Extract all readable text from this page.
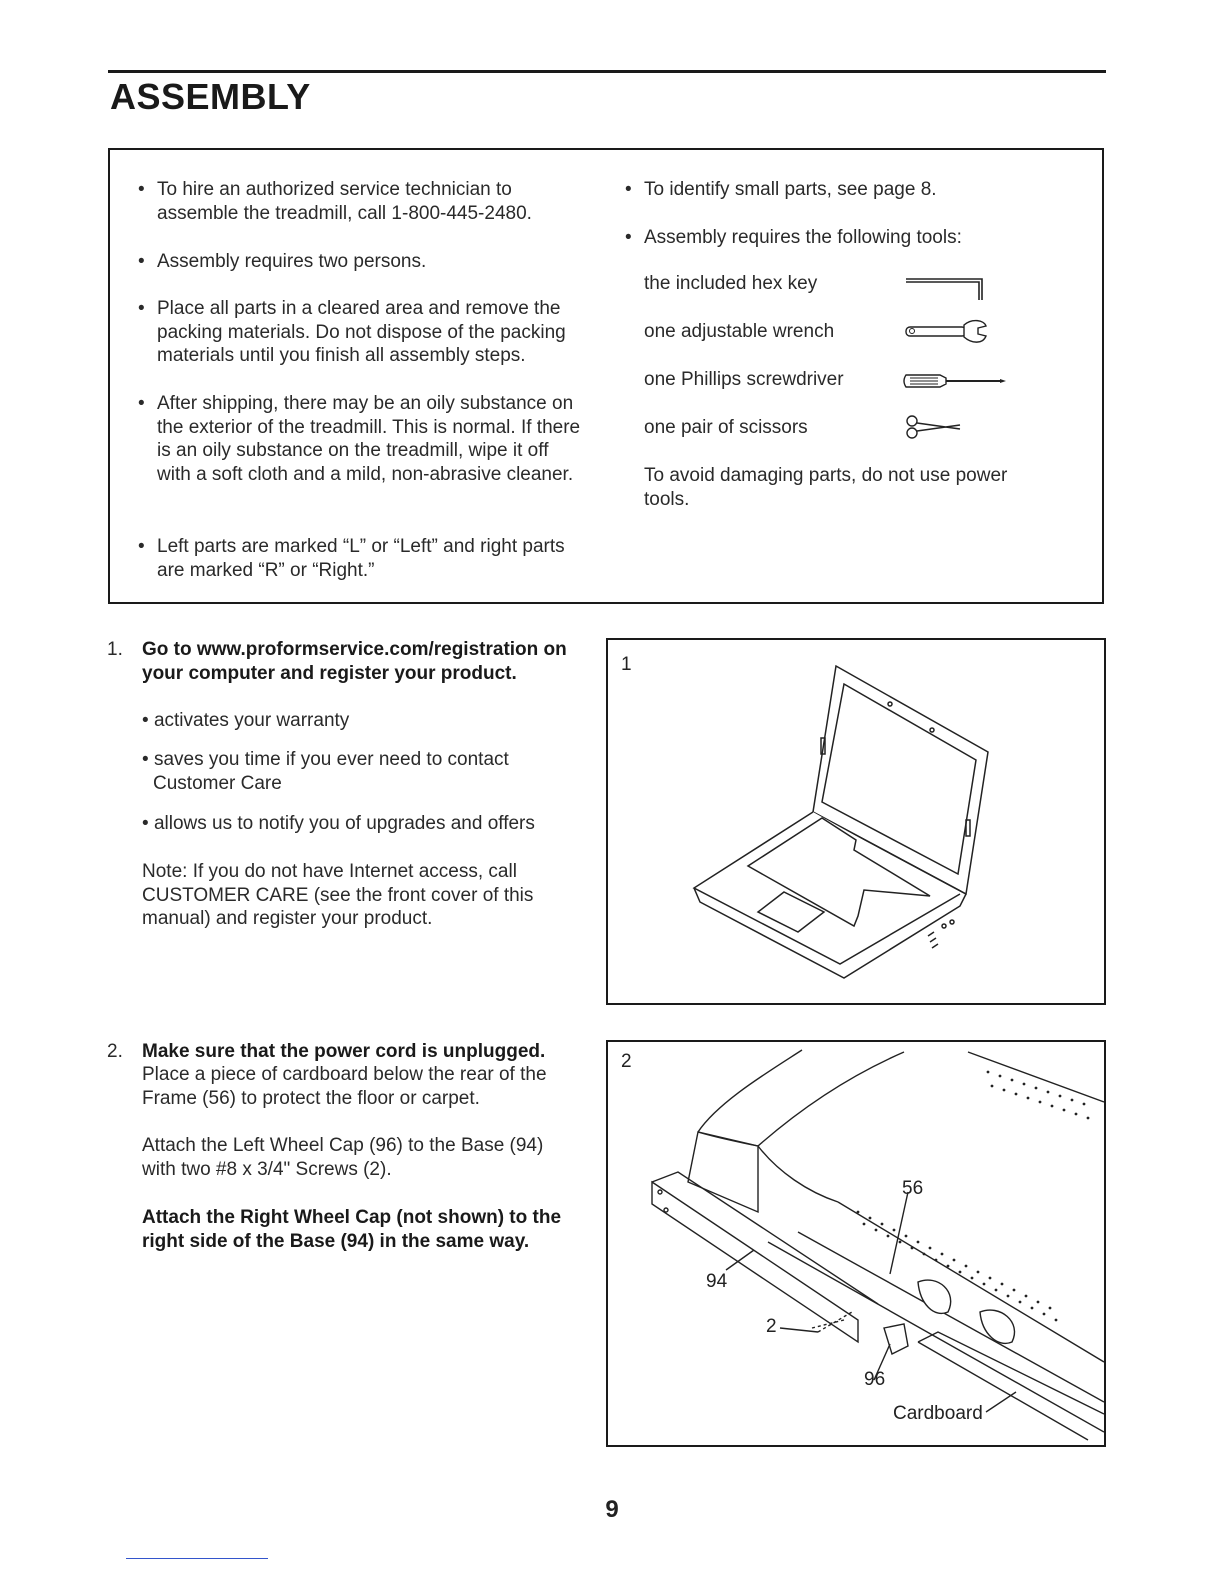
ASSEMBLY
• To hire an authorized service technician to assemble the treadmill, call 1-800-445-2480.
• Assembly requires two persons.
• Place all parts in a cleared area and remove the packing materials. Do not dispose of the packing materials until you finish all assembly steps.
• After shipping, there may be an oily substance on the exterior of the treadmill. This is normal. If there is an oily substance on the treadmill, wipe it off with a soft cloth and a mild, non-abrasive cleaner.
• Left parts are marked “L” or “Left” and right parts are marked “R” or “Right.”
• To identify small parts, see page 8.
• Assembly requires the following tools:
the included hex key
one adjustable wrench
one Phillips screwdriver
one pair of scissors
To avoid damaging parts, do not use power tools.
1. Go to www.proformservice.com/registration on your computer and register your product.
• activates your warranty
• saves you time if you ever need to contact Customer Care
• allows us to notify you of upgrades and offers
Note: If you do not have Internet access, call CUSTOMER CARE (see the front cover of this manual) and register your product.
1
2. Make sure that the power cord is unplugged.
Place a piece of cardboard below the rear of the Frame (56) to protect the floor or carpet.
Attach the Left Wheel Cap (96) to the Base (94) with two #8 x 3/4" Screws (2).
Attach the Right Wheel Cap (not shown) to the right side of the Base (94) in the same way.
2
56
94
2
96
Cardboard
9
